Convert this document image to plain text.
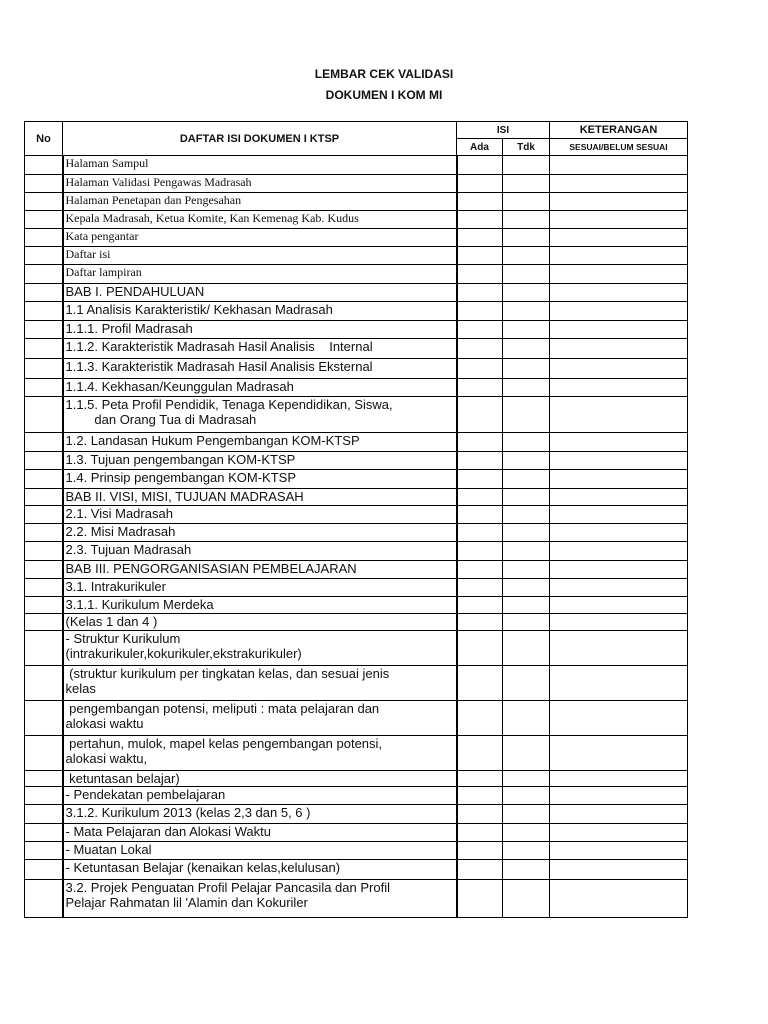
LEMBAR CEK VALIDASI
DOKUMEN I KOM MI
No	DAFTAR ISI DOKUMEN I KTSP	ISI		KETERANGAN
		Ada	Tdk	SESUAI/BELUM SESUAI
	Halaman Sampul			
	Halaman Validasi Pengawas Madrasah			
	Halaman Penetapan dan Pengesahan			
	Kepala Madrasah, Ketua Komite, Kan Kemenag Kab. Kudus			
	Kata pengantar			
	Daftar isi			
	Daftar lampiran			
	BAB I. PENDAHULUAN			
	1.1 Analisis Karakteristik/ Kekhasan Madrasah			
	1.1.1. Profil Madrasah			
	1.1.2. Karakteristik Madrasah Hasil Analisis    Internal			
	1.1.3. Karakteristik Madrasah Hasil Analisis Eksternal			
	1.1.4. Kekhasan/Keunggulan Madrasah			
	1.1.5. Peta Profil Pendidik, Tenaga Kependidikan, Siswa,
dan Orang Tua di Madrasah			
	1.2. Landasan Hukum Pengembangan KOM-KTSP			
	1.3. Tujuan pengembangan KOM-KTSP			
	1.4. Prinsip pengembangan KOM-KTSP			
	BAB II. VISI, MISI, TUJUAN MADRASAH			
	2.1. Visi Madrasah			
	2.2. Misi Madrasah			
	2.3. Tujuan Madrasah			
	BAB III. PENGORGANISASIAN PEMBELAJARAN			
	3.1. Intrakurikuler			
	3.1.1. Kurikulum Merdeka			
	(Kelas 1 dan 4 )			
	- Struktur Kurikulum
(intrakurikuler,kokurikuler,ekstrakurikuler)			
	(struktur kurikulum per tingkatan kelas, dan sesuai jenis
kelas			
	pengembangan potensi, meliputi : mata pelajaran dan
alokasi waktu			
	pertahun, mulok, mapel kelas pengembangan potensi,
alokasi waktu,			
	ketuntasan belajar)			
	- Pendekatan pembelajaran			
	3.1.2. Kurikulum 2013 (kelas 2,3 dan 5, 6 )			
	- Mata Pelajaran dan Alokasi Waktu			
	- Muatan Lokal			
	- Ketuntasan Belajar (kenaikan kelas,kelulusan)			
	3.2. Projek Penguatan Profil Pelajar Pancasila dan Profil
Pelajar Rahmatan lil 'Alamin dan Kokuriler			
